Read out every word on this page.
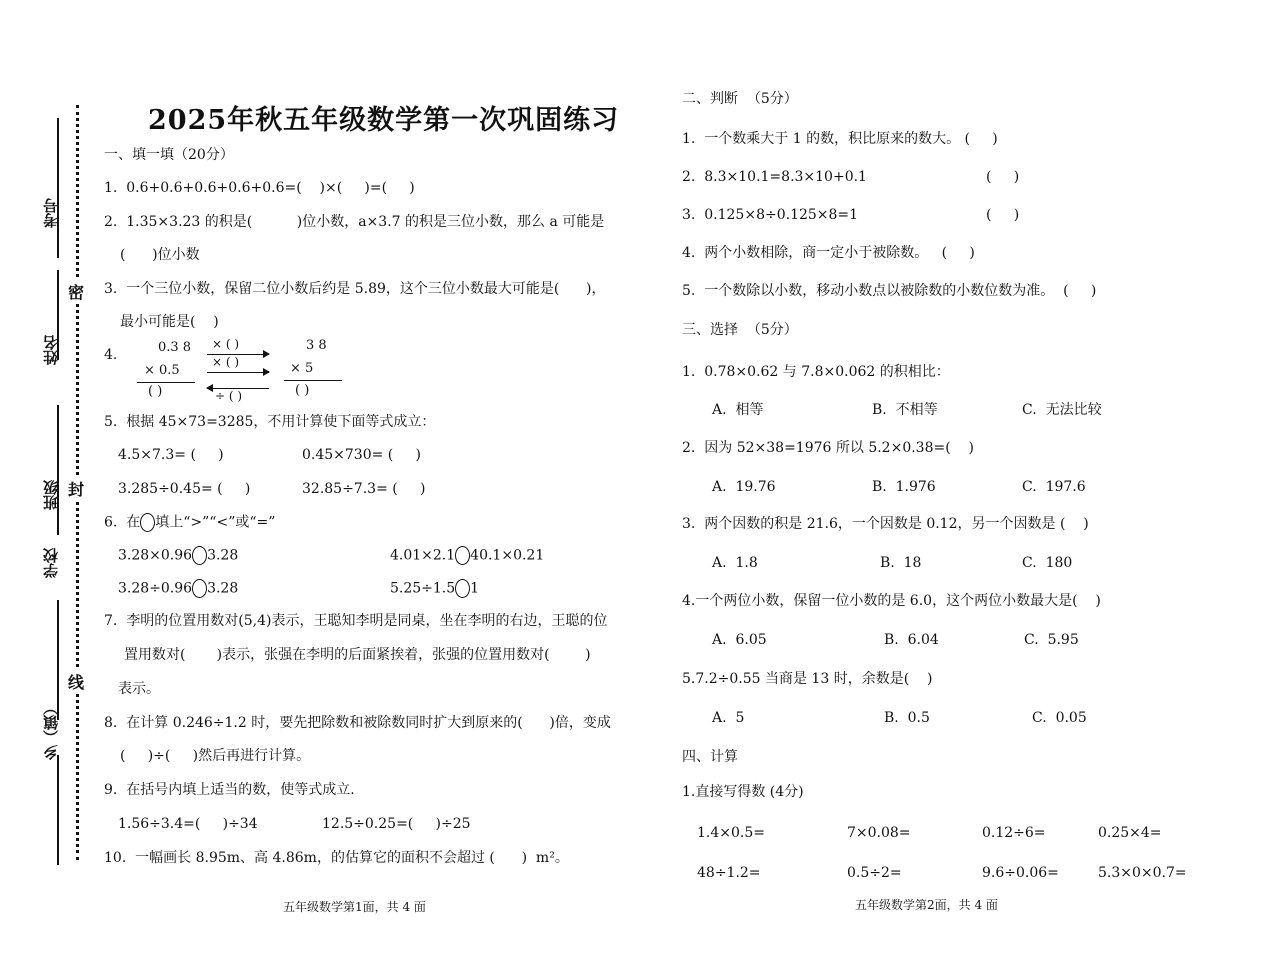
考号
姓名
班级
学校
乡（镇）
密
封
线
2025年秋五年级数学第一次巩固练习
一、填一填（20分）
1.  0.6+0.6+0.6+0.6+0.6=(    )×(     )=(     )
2.  1.35×3.23 的积是(          )位小数，a×3.7 的积是三位小数，那么 a 可能是
(      )位小数
3.  一个三位小数，保留二位小数后约是 5.89，这个三位小数最大可能是(      )，
最小可能是(    )
4.	0.3 8
× 0.5
( )
× ( )
× ( )
÷ ( )
3 8
× 5
( )
5.  根据 45×73=3285，不用计算使下面等式成立：
4.5×7.3= (     )	0.45×730= (     )
3.285÷0.45= (     )	32.85÷7.3= (     )
6.  在 填上“>”“<”或“=”
3.28×0.96 3.28	4.01×2.1 40.1×0.21
3.28÷0.96 3.28	5.25÷1.5 1
7.  李明的位置用数对(5,4)表示，王聪知李明是同桌，坐在李明的右边，王聪的位
置用数对(       )表示，张强在李明的后面紧挨着，张强的位置用数对(        )
表示。
8.  在计算 0.246÷1.2 时，要先把除数和被除数同时扩大到原来的(      )倍，变成
(     )÷(     )然后再进行计算。
9.  在括号内填上适当的数，使等式成立.
1.56÷3.4=(     )÷34	12.5÷0.25=(     )÷25
10.  一幅画长 8.95m、高 4.86m，的估算它的面积不会超过 (      )  m²。
五年级数学第1面，共 4 面
二、判断  （5分）
1.  一个数乘大于 1 的数，积比原来的数大。 (     )
2.  8.3×10.1=8.3×10+0.1	(     )
3.  0.125×8÷0.125×8=1	(     )
4.  两个小数相除，商一定小于被除数。   (     )
5.  一个数除以小数，移动小数点以被除数的小数位数为准。  (     )
三、选择  （5分）
1.  0.78×0.62 与 7.8×0.062 的积相比：
A.  相等	B.  不相等	C.  无法比较
2.  因为 52×38=1976 所以 5.2×0.38=(    )
A.  19.76	B.  1.976	C.  197.6
3.  两个因数的积是 21.6，一个因数是 0.12，另一个因数是 (    )
A.  1.8	B.  18	C.  180
4.一个两位小数，保留一位小数的是 6.0，这个两位小数最大是(    )
A.  6.05	B.  6.04	C.  5.95
5.7.2÷0.55 当商是 13 时，余数是(    )
A.  5	B.  0.5	C.  0.05
四、计算
1.直接写得数 (4分)
1.4×0.5=	7×0.08=	0.12÷6=	0.25×4=
48÷1.2=	0.5÷2=	9.6÷0.06=	5.3×0×0.7=
五年级数学第2面，共 4 面
